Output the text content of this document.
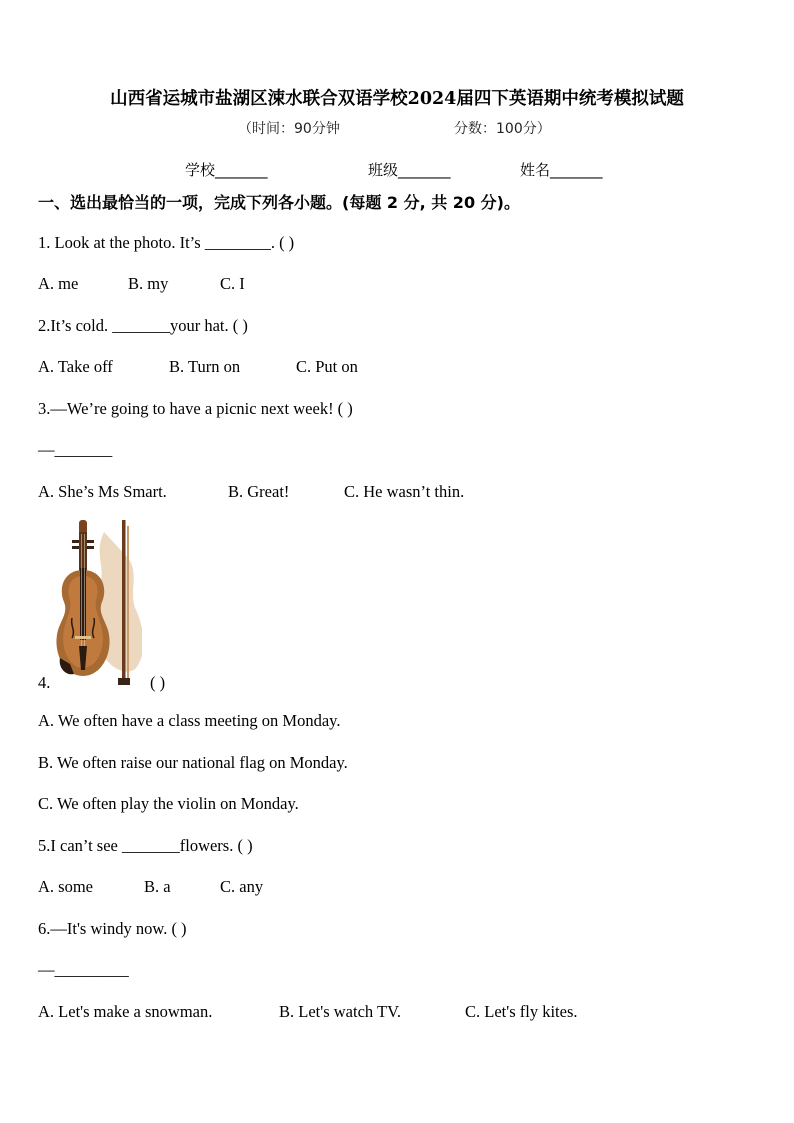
山西省运城市盐湖区涑水联合双语学校2024届四下英语期中统考模拟试题
（时间：90分钟	分数：100分）
学校_______	班级_______	姓名_______
一、选出最恰当的一项，完成下列各小题。(每题 2 分, 共 20 分)。
1. Look at the photo. It’s ________. ( )
A. me	B. my	C. I
2.It’s cold. _______your hat. ( )
A. Take off	B. Turn on	C. Put on
3.—We’re going to have a picnic next week! ( )
—_______
A. She’s Ms Smart.	B. Great!	C. He wasn’t thin.
4.	( )
A. We often have a class meeting on Monday.
B. We often raise our national flag on Monday.
C. We often play the violin on Monday.
5.I can’t see _______flowers. ( )
A. some	B. a	C. any
6.—It's windy now. ( )
—_________
A. Let's make a snowman.	B. Let's watch TV.	C. Let's fly kites.
